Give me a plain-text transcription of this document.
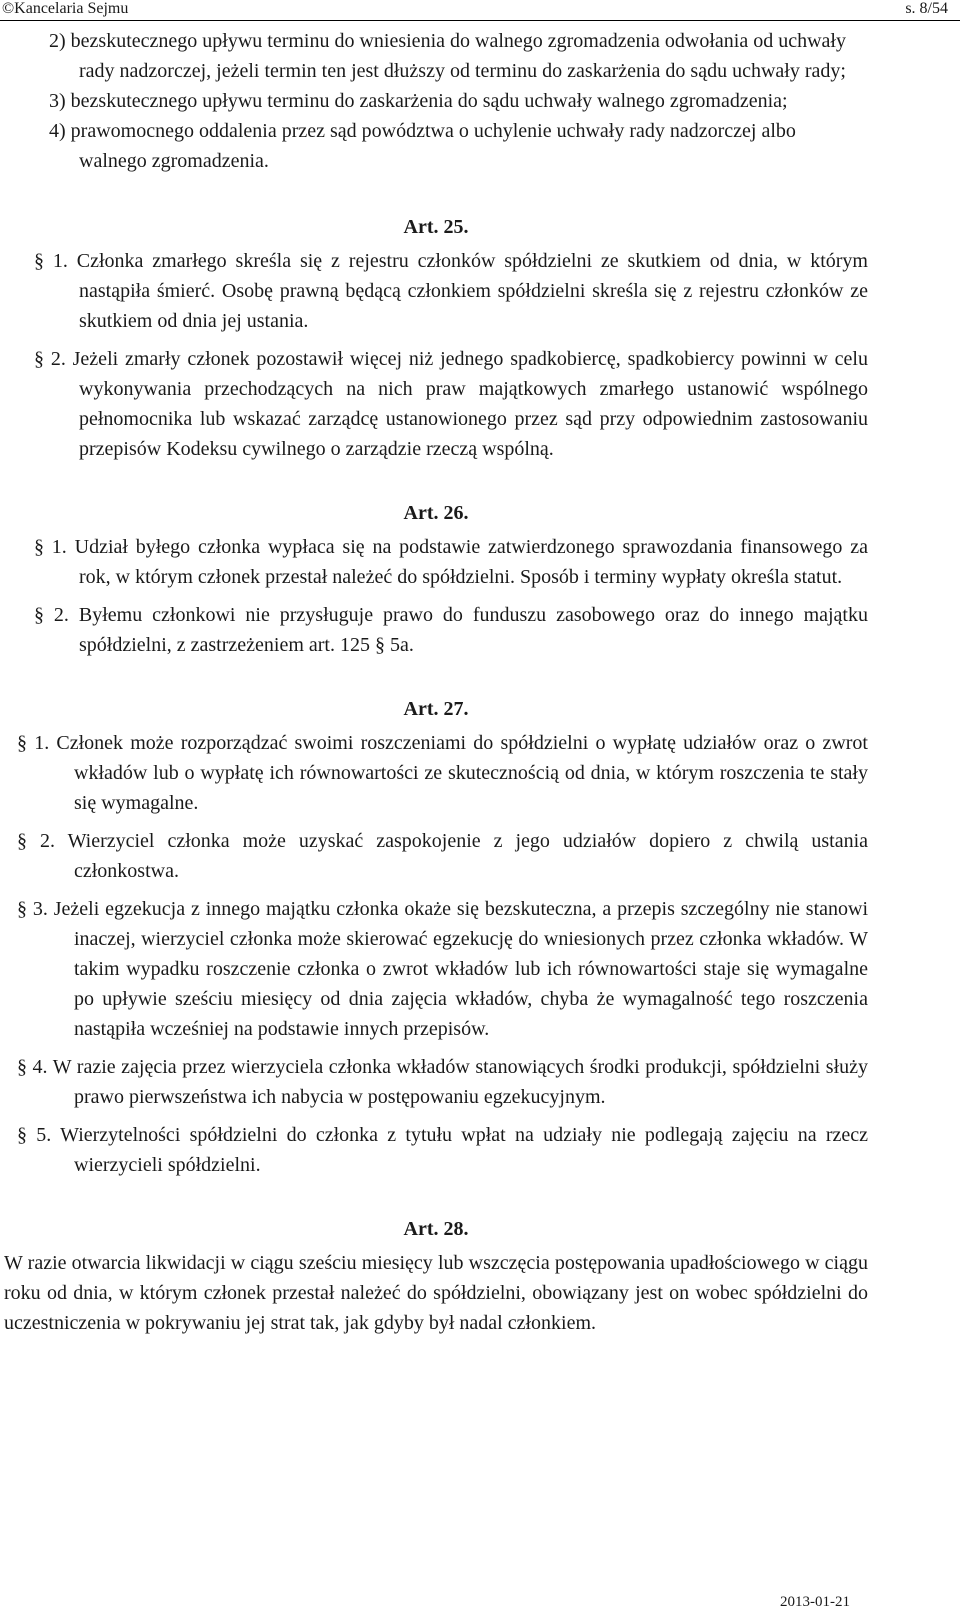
©Kancelaria Sejmu	s. 8/54

2) bezskutecznego upływu terminu do wniesienia do walnego zgromadzenia odwołania od uchwały rady nadzorczej, jeżeli termin ten jest dłuższy od terminu do zaskarżenia do sądu uchwały rady;

3) bezskutecznego upływu terminu do zaskarżenia do sądu uchwały walnego zgromadzenia;

4) prawomocnego oddalenia przez sąd powództwa o uchylenie uchwały rady nadzorczej albo walnego zgromadzenia.

Art. 25.

§ 1. Członka zmarłego skreśla się z rejestru członków spółdzielni ze skutkiem od dnia, w którym nastąpiła śmierć. Osobę prawną będącą członkiem spółdzielni skreśla się z rejestru członków ze skutkiem od dnia jej ustania.

§ 2. Jeżeli zmarły członek pozostawił więcej niż jednego spadkobiercę, spadkobiercy powinni w celu wykonywania przechodzących na nich praw majątkowych zmarłego ustanowić wspólnego pełnomocnika lub wskazać zarządcę ustanowionego przez sąd przy odpowiednim zastosowaniu przepisów Kodeksu cywilnego o zarządzie rzeczą wspólną.

Art. 26.

§ 1. Udział byłego członka wypłaca się na podstawie zatwierdzonego sprawozdania finansowego za rok, w którym członek przestał należeć do spółdzielni. Sposób i terminy wypłaty określa statut.

§ 2. Byłemu członkowi nie przysługuje prawo do funduszu zasobowego oraz do innego majątku spółdzielni, z zastrzeżeniem art. 125 § 5a.

Art. 27.

§ 1. Członek może rozporządzać swoimi roszczeniami do spółdzielni o wypłatę udziałów oraz o zwrot wkładów lub o wypłatę ich równowartości ze skutecznością od dnia, w którym roszczenia te stały się wymagalne.

§ 2. Wierzyciel członka może uzyskać zaspokojenie z jego udziałów dopiero z chwilą ustania członkostwa.

§ 3. Jeżeli egzekucja z innego majątku członka okaże się bezskuteczna, a przepis szczególny nie stanowi inaczej, wierzyciel członka może skierować egzekucję do wniesionych przez członka wkładów. W takim wypadku roszczenie członka o zwrot wkładów lub ich równowartości staje się wymagalne po upływie sześciu miesięcy od dnia zajęcia wkładów, chyba że wymagalność tego roszczenia nastąpiła wcześniej na podstawie innych przepisów.

§ 4. W razie zajęcia przez wierzyciela członka wkładów stanowiących środki produkcji, spółdzielni służy prawo pierwszeństwa ich nabycia w postępowaniu egzekucyjnym.

§ 5. Wierzytelności spółdzielni do członka z tytułu wpłat na udziały nie podlegają zajęciu na rzecz wierzycieli spółdzielni.

Art. 28.

W razie otwarcia likwidacji w ciągu sześciu miesięcy lub wszczęcia postępowania upadłościowego w ciągu roku od dnia, w którym członek przestał należeć do spółdzielni, obowiązany jest on wobec spółdzielni do uczestniczenia w pokrywaniu jej strat tak, jak gdyby był nadal członkiem.

2013-01-21
